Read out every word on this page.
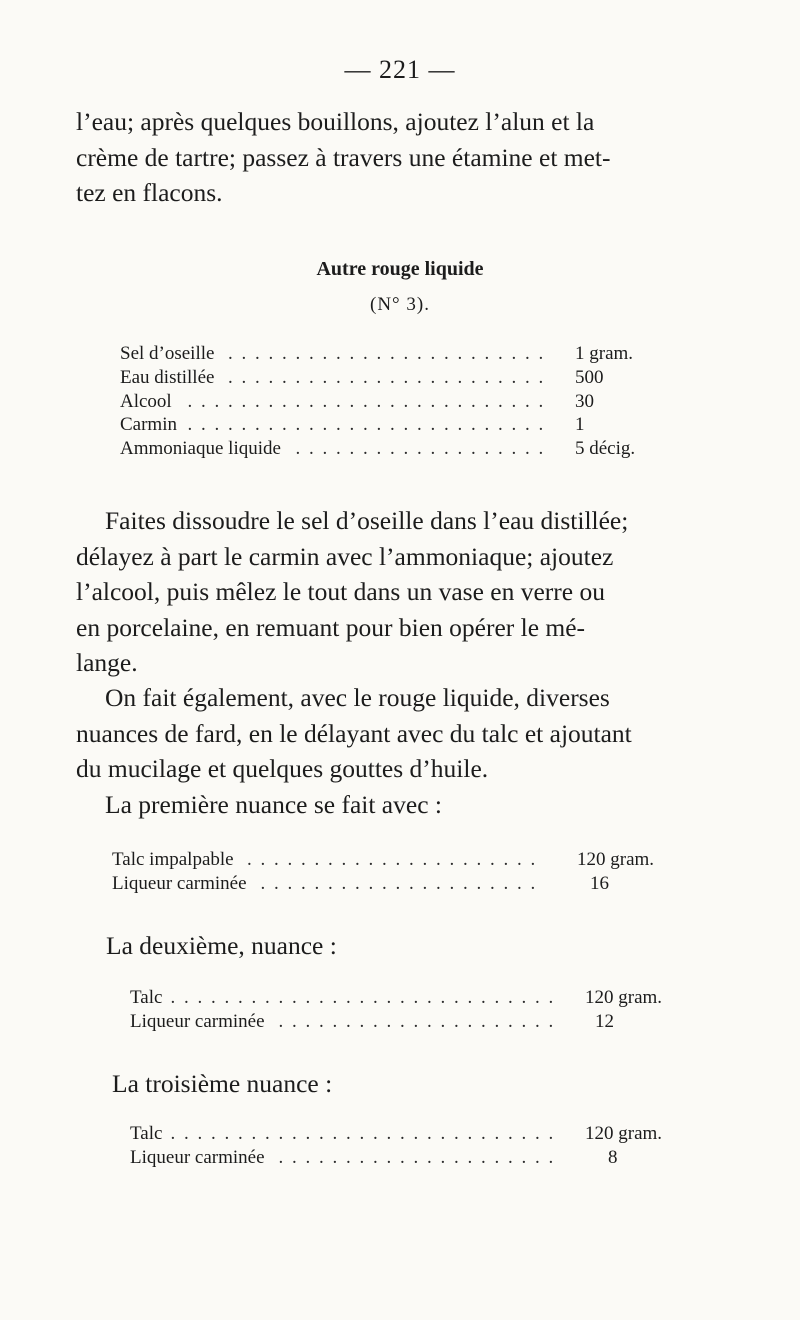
— 221 —
l’eau; après quelques bouillons, ajoutez l’alun et la
crème de tartre; passez à travers une étamine et met-
tez en flacons.
Autre rouge liquide
(N° 3).
. . .
Sel d’oseille	1 gram.
. . .
Eau distillée	500
. . .
Alcool	30
. . .
Carmin	1
. . .
Ammoniaque liquide	5 décig.
Faites dissoudre le sel d’oseille dans l’eau distillée;
délayez à part le carmin avec l’ammoniaque; ajoutez
l’alcool, puis mêlez le tout dans un vase en verre ou
en porcelaine, en remuant pour bien opérer le mé-
lange.
On fait également, avec le rouge liquide, diverses
nuances de fard, en le délayant avec du talc et ajoutant
du mucilage et quelques gouttes d’huile.
La première nuance se fait avec :
. . .
Talc impalpable	120 gram.
. . .
Liqueur carminée	16
La deuxième, nuance :
. . .
Talc	120 gram.
. . .
Liqueur carminée	12
La troisième nuance :
. . .
Talc	120 gram.
. . .
Liqueur carminée	8
